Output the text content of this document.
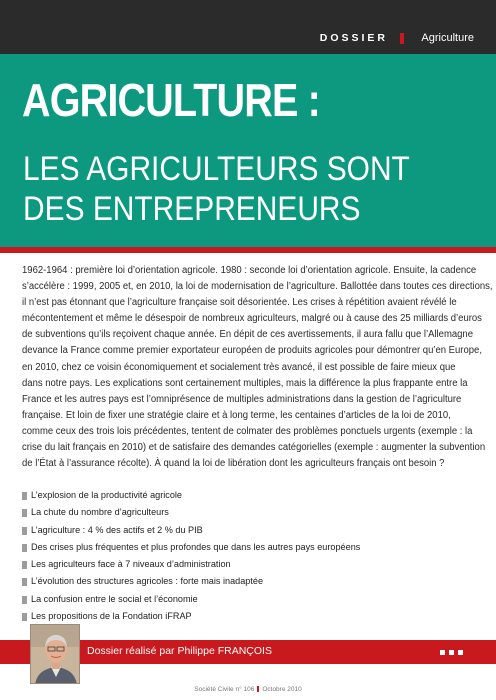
DOSSIER	Agriculture
AGRICULTURE :
LES AGRICULTEURS SONT
DES ENTREPRENEURS
1962-1964 : première loi d’orientation agricole. 1980 : seconde loi d’orientation agricole. Ensuite, la cadence
s’accélère : 1999, 2005 et, en 2010, la loi de modernisation de l’agriculture. Ballottée dans toutes ces directions,
il n’est pas étonnant que l’agriculture française soit désorientée. Les crises à répétition avaient révélé le
mécontentement et même le désespoir de nombreux agriculteurs, malgré ou à cause des 25 milliards d’euros
de subventions qu’ils reçoivent chaque année. En dépit de ces avertissements, il aura fallu que l’Allemagne
devance la France comme premier exportateur européen de produits agricoles pour démontrer qu’en Europe,
en 2010, chez ce voisin économiquement et socialement très avancé, il est possible de faire mieux que
dans notre pays. Les explications sont certainement multiples, mais la différence la plus frappante entre la
France et les autres pays est l’omniprésence de multiples administrations dans la gestion de l’agriculture
française. Et loin de fixer une stratégie claire et à long terme, les centaines d’articles de la loi de 2010,
comme ceux des trois lois précédentes, tentent de colmater des problèmes ponctuels urgents (exemple : la
crise du lait français en 2010) et de satisfaire des demandes catégorielles (exemple : augmenter la subvention
de l’État à l’assurance récolte). À quand la loi de libération dont les agriculteurs français ont besoin ?
L’explosion de la productivité agricole
La chute du nombre d’agriculteurs
L’agriculture : 4 % des actifs et 2 % du PIB
Des crises plus fréquentes et plus profondes que dans les autres pays européens
Les agriculteurs face à 7 niveaux d’administration
L’évolution des structures agricoles : forte mais inadaptée
La confusion entre le social et l’économie
Les propositions de la Fondation iFRAP
Dossier réalisé par Philippe FRANÇOIS
Société Civile n° 106 Octobre 2010
